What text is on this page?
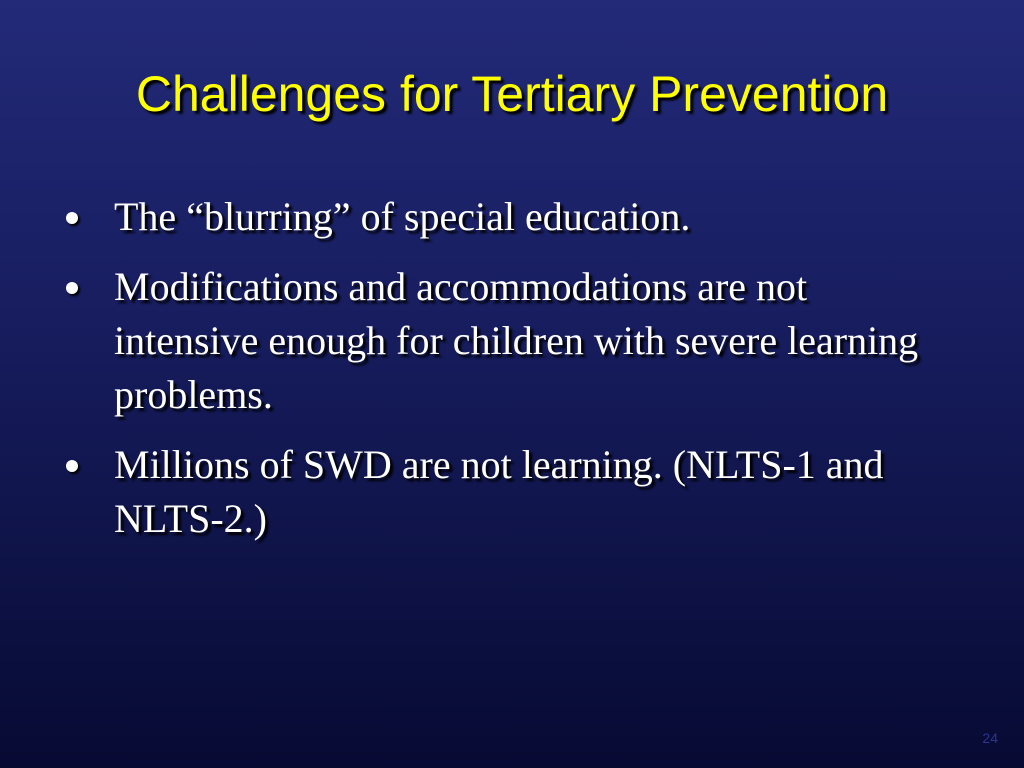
Challenges for Tertiary Prevention
The “blurring” of special education.
Modifications and accommodations are not intensive enough for children with severe learning problems.
Millions of SWD are not learning. (NLTS-1 and NLTS-2.)
24
